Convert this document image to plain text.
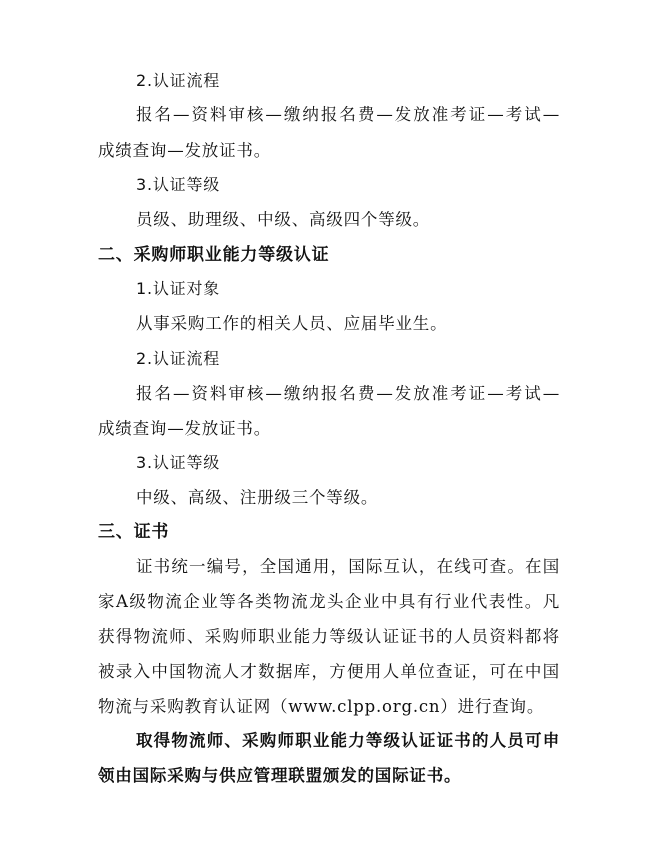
2.认证流程
报名—资料审核—缴纳报名费—发放准考证—考试—
成绩查询—发放证书。
3.认证等级
员级、助理级、中级、高级四个等级。
二、采购师职业能力等级认证
1.认证对象
从事采购工作的相关人员、应届毕业生。
2.认证流程
报名—资料审核—缴纳报名费—发放准考证—考试—
成绩查询—发放证书。
3.认证等级
中级、高级、注册级三个等级。
三、证书
证书统一编号，全国通用，国际互认，在线可查。在国
家A级物流企业等各类物流龙头企业中具有行业代表性。凡
获得物流师、采购师职业能力等级认证证书的人员资料都将
被录入中国物流人才数据库，方便用人单位查证，可在中国
物流与采购教育认证网（www.clpp.org.cn）进行查询。
取得物流师、采购师职业能力等级认证证书的人员可申
领由国际采购与供应管理联盟颁发的国际证书。
